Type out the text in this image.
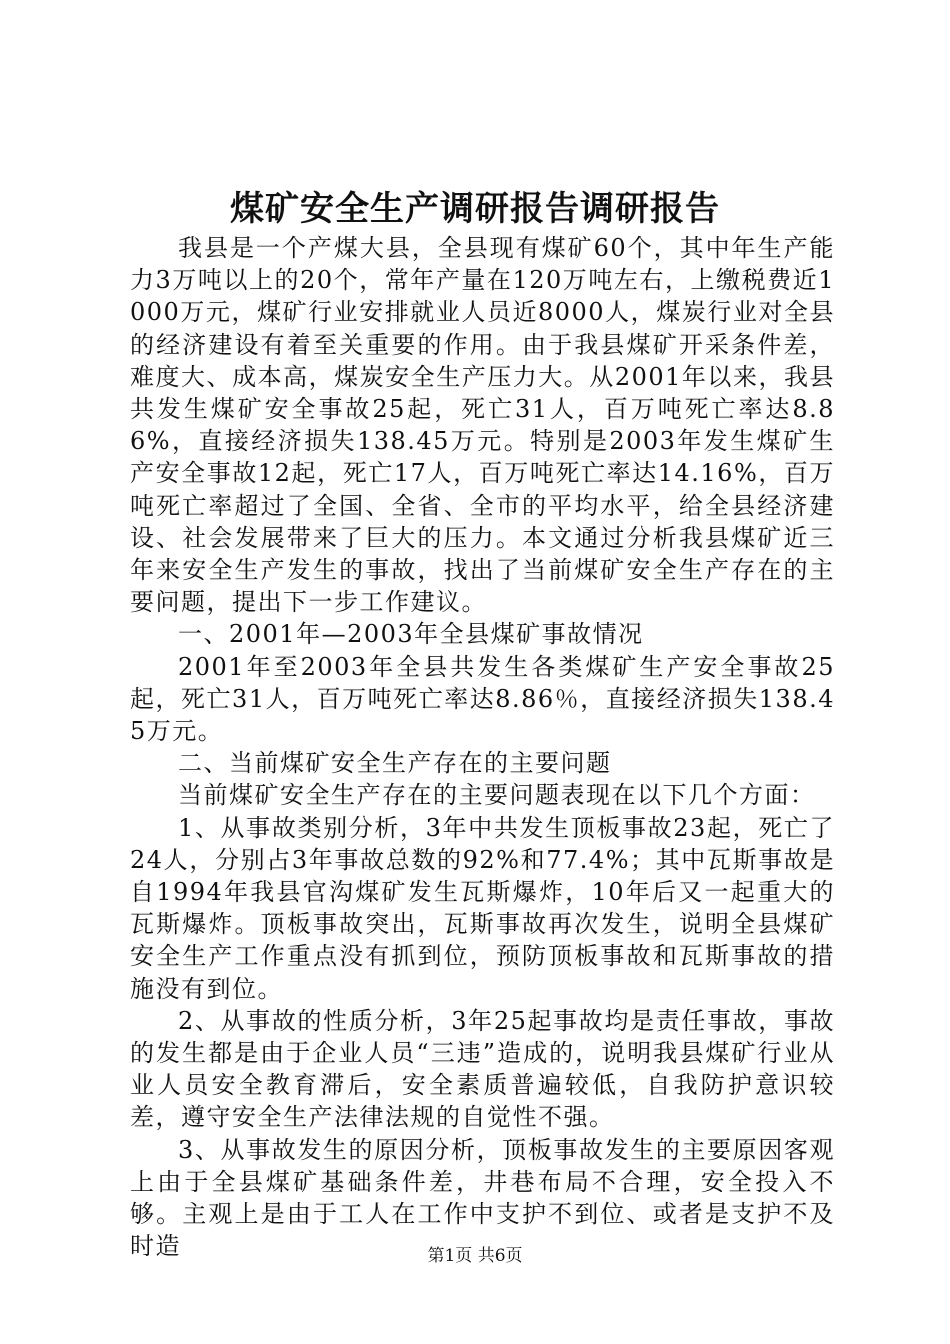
煤矿安全生产调研报告调研报告

我县是一个产煤大县，全县现有煤矿60个，其中年生产能力3万吨以上的20个，常年产量在120万吨左右，上缴税费近1000万元，煤矿行业安排就业人员近8000人，煤炭行业对全县的经济建设有着至关重要的作用。由于我县煤矿开采条件差，难度大、成本高，煤炭安全生产压力大。从2001年以来，我县共发生煤矿安全事故25起，死亡31人，百万吨死亡率达8.86%，直接经济损失138.45万元。特别是2003年发生煤矿生产安全事故12起，死亡17人，百万吨死亡率达14.16%，百万吨死亡率超过了全国、全省、全市的平均水平，给全县经济建设、社会发展带来了巨大的压力。本文通过分析我县煤矿近三年来安全生产发生的事故，找出了当前煤矿安全生产存在的主要问题，提出下一步工作建议。

一、2001年—2003年全县煤矿事故情况

2001年至2003年全县共发生各类煤矿生产安全事故25起，死亡31人，百万吨死亡率达8.86％，直接经济损失138.45万元。

二、当前煤矿安全生产存在的主要问题

当前煤矿安全生产存在的主要问题表现在以下几个方面：

1、从事故类别分析，3年中共发生顶板事故23起，死亡了24人，分别占3年事故总数的92%和77.4%；其中瓦斯事故是自1994年我县官沟煤矿发生瓦斯爆炸，10年后又一起重大的瓦斯爆炸。顶板事故突出，瓦斯事故再次发生，说明全县煤矿安全生产工作重点没有抓到位，预防顶板事故和瓦斯事故的措施没有到位。

2、从事故的性质分析，3年25起事故均是责任事故，事故的发生都是由于企业人员“三违”造成的，说明我县煤矿行业从业人员安全教育滞后，安全素质普遍较低，自我防护意识较差，遵守安全生产法律法规的自觉性不强。

3、从事故发生的原因分析，顶板事故发生的主要原因客观上由于全县煤矿基础条件差，井巷布局不合理，安全投入不够。主观上是由于工人在工作中支护不到位、或者是支护不及时造	第1页 共6页
